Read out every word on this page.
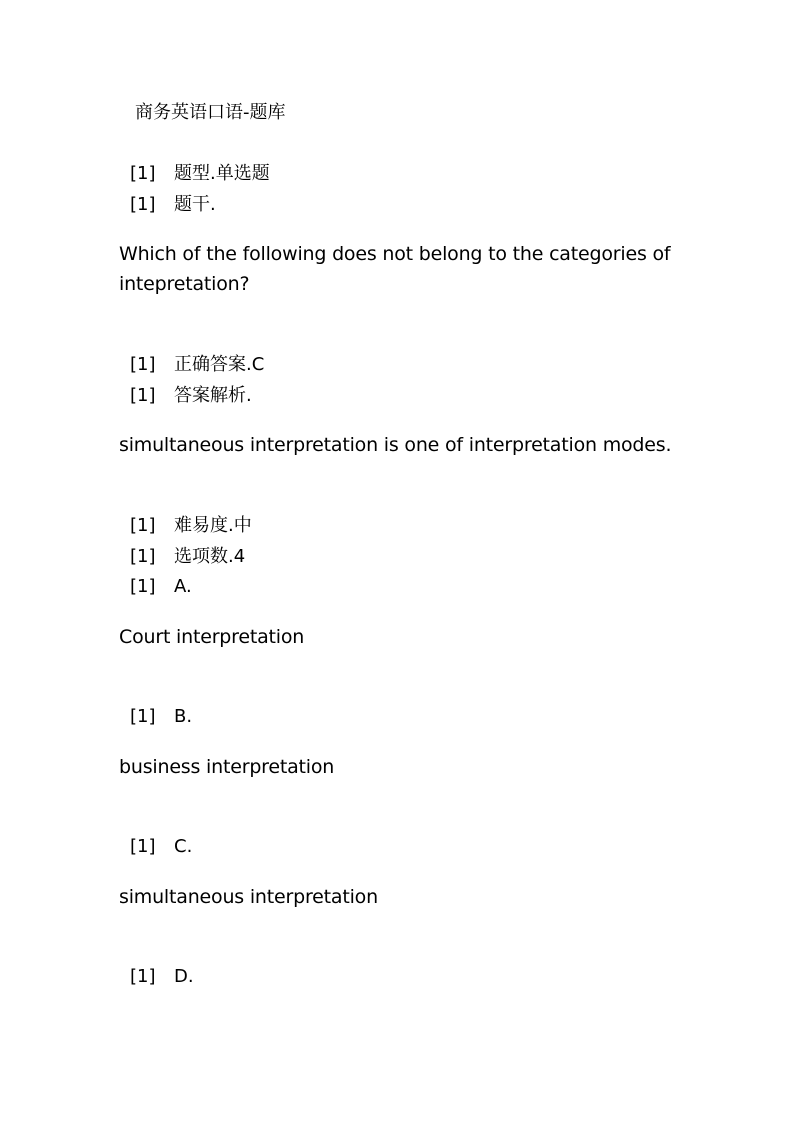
商务英语口语-题库
[1] 题型.单选题
[1] 题干.
Which of the following does not belong to the categories of intepretation?
[1] 正确答案.C
[1] 答案解析.
simultaneous interpretation is one of interpretation modes.
[1] 难易度.中
[1] 选项数.4
[1] A.
Court interpretation
[1] B.
business interpretation
[1] C.
simultaneous interpretation
[1] D.
